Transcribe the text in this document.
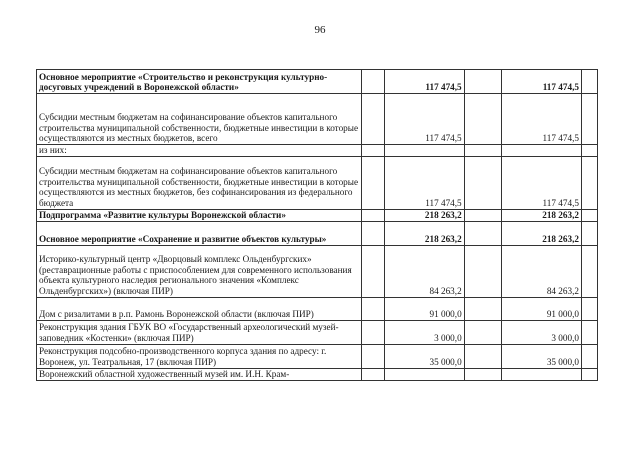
96
Основное мероприятие «Строительство и реконструкция культурно-досуговых учреждений в Воронежской области»		117 474,5		117 474,5	
Субсидии местным бюджетам на софинансирование объектов капитального строительства муниципальной собственности, бюджетные инвестиции в которые осуществляются из местных бюджетов, всего		117 474,5		117 474,5	
из них:					
Субсидии местным бюджетам на софинансирование объектов капитального строительства муниципальной собственности, бюджетные инвестиции в которые осуществляются из местных бюджетов, без софинансирования из федерального бюджета		117 474,5		117 474,5	
Подпрограмма «Развитие культуры Воронежской области»		218 263,2		218 263,2	
Основное мероприятие «Сохранение и развитие объектов культуры»		218 263,2		218 263,2	
Историко-культурный центр «Дворцовый комплекс Ольденбургских» (реставрационные работы с приспособлением для современного использования объекта культурного наследия регионального значения «Комплекс Ольденбургских») (включая ПИР)		84 263,2		84 263,2	
Дом с ризалитами в р.п. Рамонь Воронежской области (включая ПИР)		91 000,0		91 000,0	
Реконструкция здания ГБУК ВО «Государственный археологический музей-заповедник «Костенки» (включая ПИР)		3 000,0		3 000,0	
Реконструкция подсобно-производственного корпуса здания по адресу: г. Воронеж, ул. Театральная, 17 (включая ПИР)		35 000,0		35 000,0	
Воронежский областной художественный музей им. И.Н. Крам-					
